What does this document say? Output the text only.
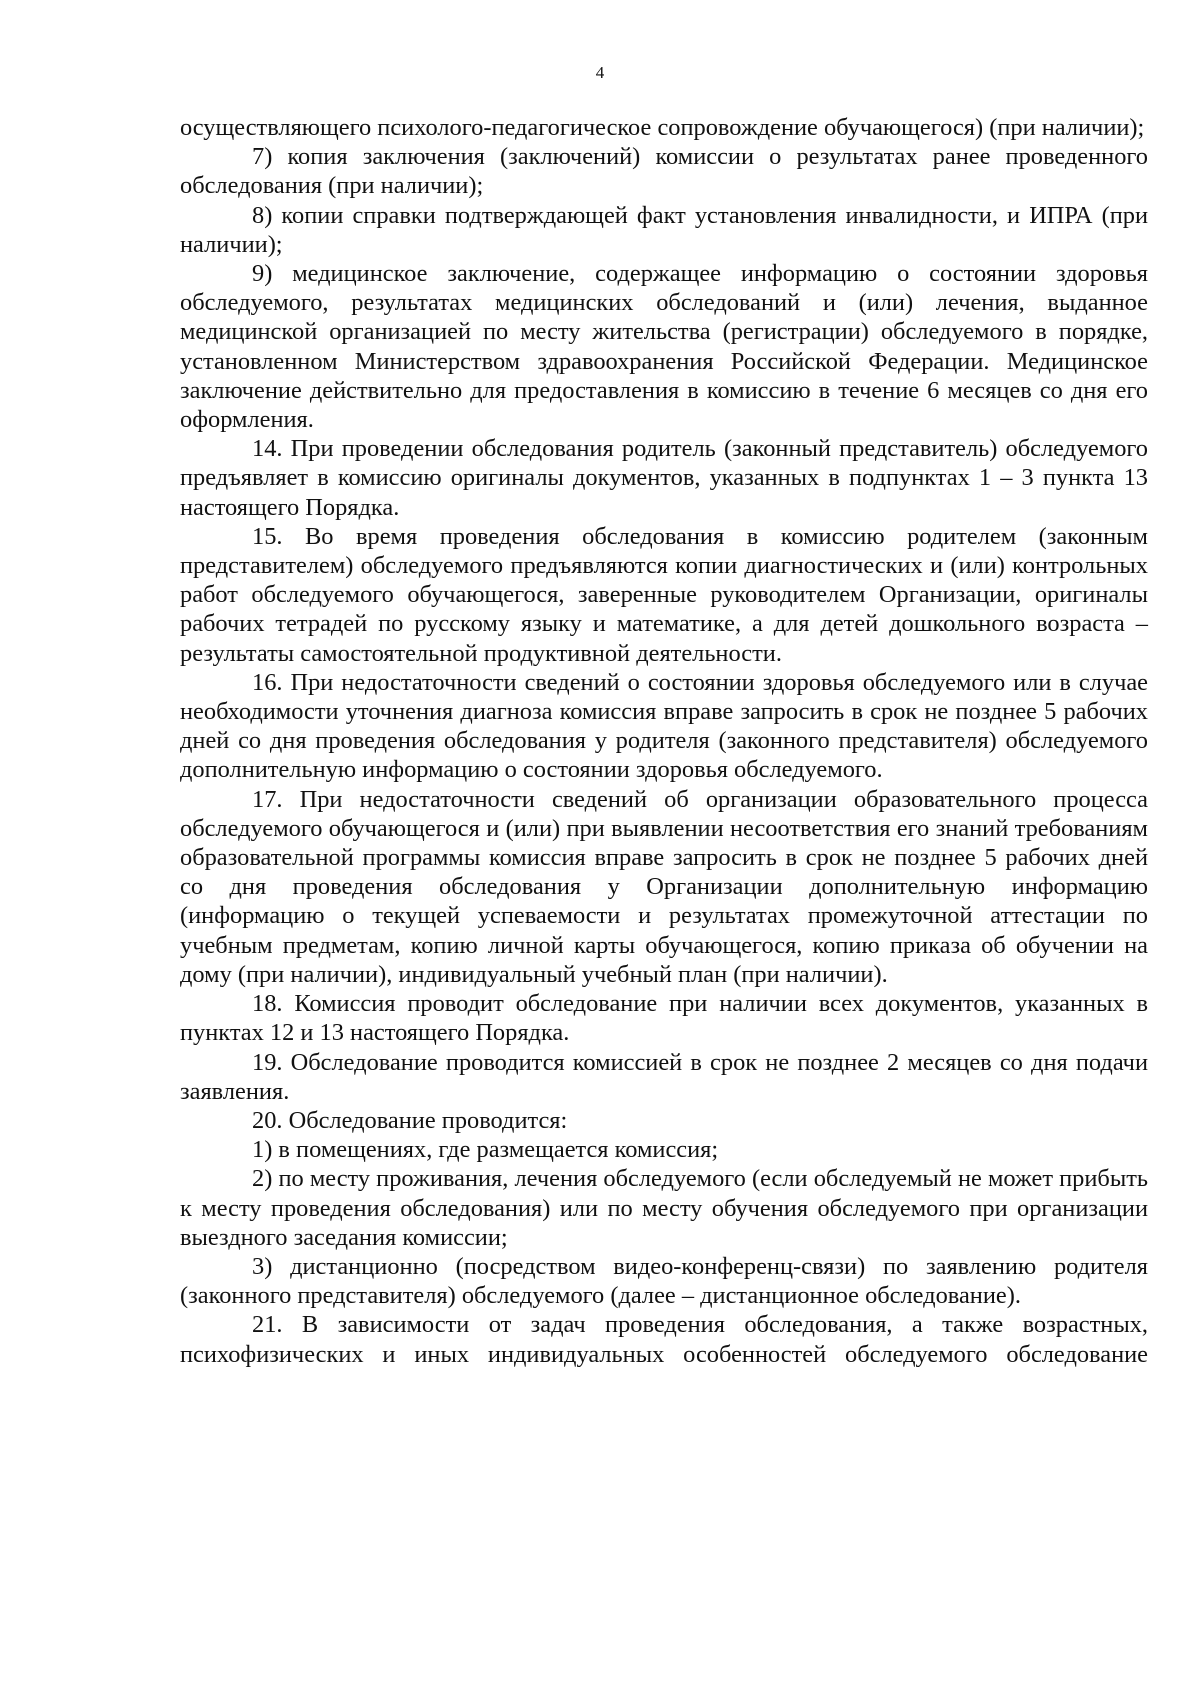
4

осуществляющего психолого-педагогическое сопровождение обучающегося) (при наличии);

7) копия заключения (заключений) комиссии о результатах ранее проведенного обследования (при наличии);

8) копии справки подтверждающей факт установления инвалидности, и ИПРА (при наличии);

9) медицинское заключение, содержащее информацию о состоянии здоровья обследуемого, результатах медицинских обследований и (или) лечения, выданное медицинской организацией по месту жительства (регистрации) обследуемого в порядке, установленном Министерством здравоохранения Российской Федерации. Медицинское заключение действительно для предоставления в комиссию в течение 6 месяцев со дня его оформления.

14. При проведении обследования родитель (законный представитель) обследуемого предъявляет в комиссию оригиналы документов, указанных в подпунктах 1 – 3 пункта 13 настоящего Порядка.

15. Во время проведения обследования в комиссию родителем (законным представителем) обследуемого предъявляются копии диагностических и (или) контрольных работ обследуемого обучающегося, заверенные руководителем Организации, оригиналы рабочих тетрадей по русскому языку и математике, а для детей дошкольного возраста – результаты самостоятельной продуктивной деятельности.

16. При недостаточности сведений о состоянии здоровья обследуемого или в случае необходимости уточнения диагноза комиссия вправе запросить в срок не позднее 5 рабочих дней со дня проведения обследования у родителя (законного представителя) обследуемого дополнительную информацию о состоянии здоровья обследуемого.

17. При недостаточности сведений об организации образовательного процесса обследуемого обучающегося и (или) при выявлении несоответствия его знаний требованиям образовательной программы комиссия вправе запросить в срок не позднее 5 рабочих дней со дня проведения обследования у Организации дополнительную информацию (информацию о текущей успеваемости и результатах промежуточной аттестации по учебным предметам, копию личной карты обучающегося, копию приказа об обучении на дому (при наличии), индивидуальный учебный план (при наличии).

18. Комиссия проводит обследование при наличии всех документов, указанных в пунктах 12 и 13 настоящего Порядка.

19. Обследование проводится комиссией в срок не позднее 2 месяцев со дня подачи заявления.

20. Обследование проводится:

1) в помещениях, где размещается комиссия;

2) по месту проживания, лечения обследуемого (если обследуемый не может прибыть к месту проведения обследования) или по месту обучения обследуемого при организации выездного заседания комиссии;

3) дистанционно (посредством видео-конференц-связи) по заявлению родителя (законного представителя) обследуемого (далее – дистанционное обследование).

21. В зависимости от задач проведения обследования, а также возрастных, психофизических и иных индивидуальных особенностей обследуемого обследование
